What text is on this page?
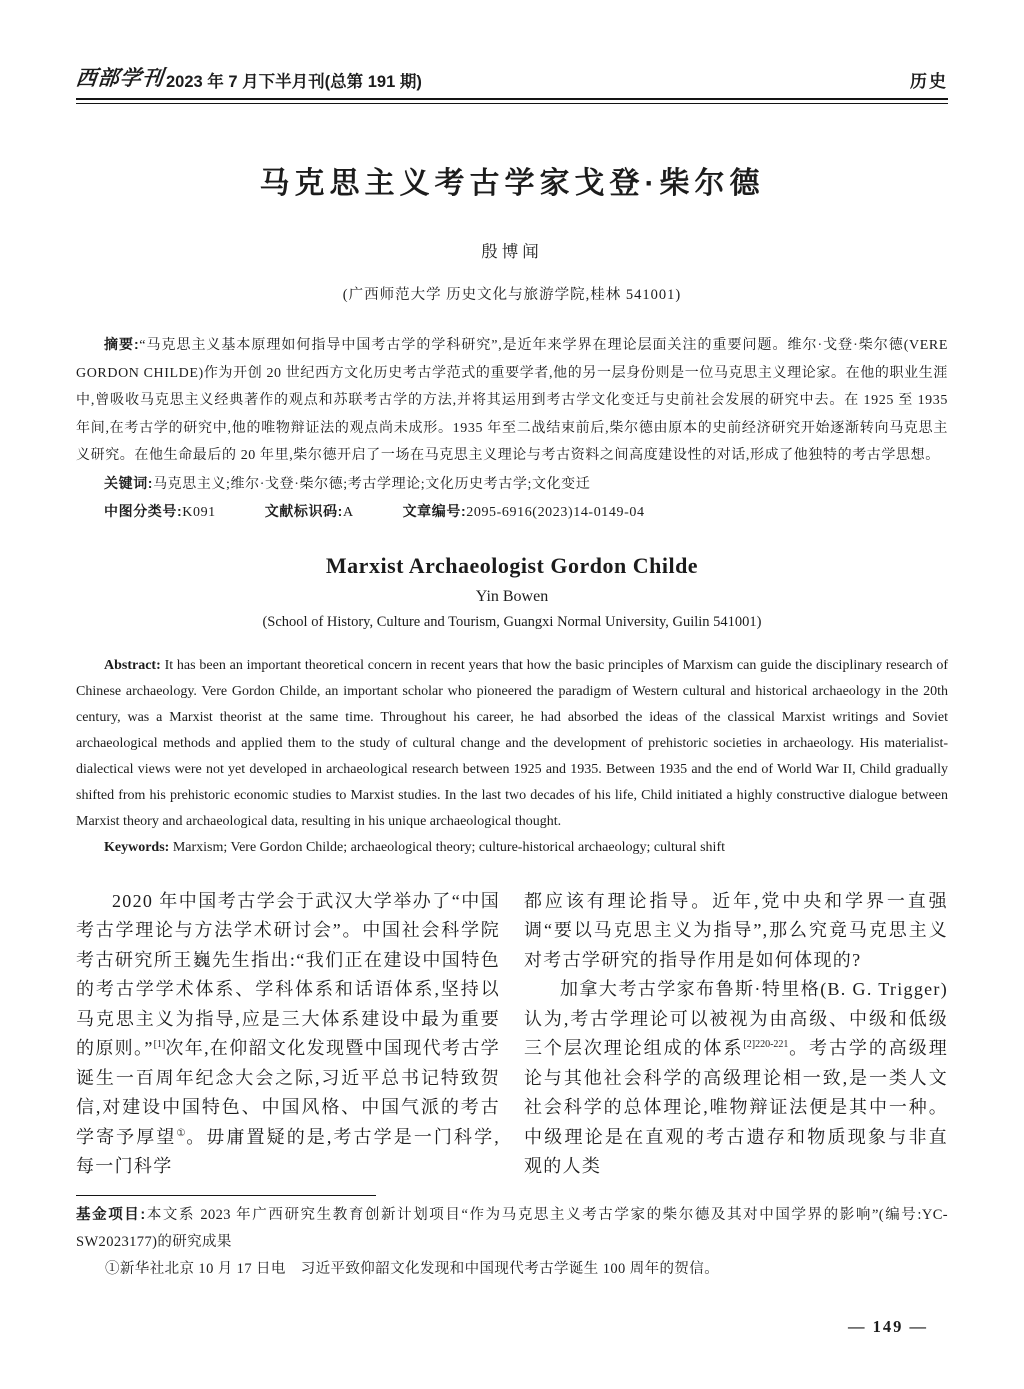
西部学刊 2023 年 7 月下半月刊(总第 191 期)	历史
马克思主义考古学家戈登·柴尔德
殷博闻
(广西师范大学 历史文化与旅游学院,桂林 541001)

摘要:“马克思主义基本原理如何指导中国考古学的学科研究”,是近年来学界在理论层面关注的重要问题。维尔·戈登·柴尔德(VERE GORDON CHILDE)作为开创 20 世纪西方文化历史考古学范式的重要学者,他的另一层身份则是一位马克思主义理论家。在他的职业生涯中,曾吸收马克思主义经典著作的观点和苏联考古学的方法,并将其运用到考古学文化变迁与史前社会发展的研究中去。在 1925 至 1935 年间,在考古学的研究中,他的唯物辩证法的观点尚未成形。1935 年至二战结束前后,柴尔德由原本的史前经济研究开始逐渐转向马克思主义研究。在他生命最后的 20 年里,柴尔德开启了一场在马克思主义理论与考古资料之间高度建设性的对话,形成了他独特的考古学思想。

关键词:马克思主义;维尔·戈登·柴尔德;考古学理论;文化历史考古学;文化变迁

中图分类号:K091	文献标识码:A	文章编号:2095-6916(2023)14-0149-04

Marxist Archaeologist Gordon Childe
Yin Bowen
(School of History, Culture and Tourism, Guangxi Normal University, Guilin 541001)

Abstract: It has been an important theoretical concern in recent years that how the basic principles of Marxism can guide the disciplinary research of Chinese archaeology. Vere Gordon Childe, an important scholar who pioneered the paradigm of Western cultural and historical archaeology in the 20th century, was a Marxist theorist at the same time. Throughout his career, he had absorbed the ideas of the classical Marxist writings and Soviet archaeological methods and applied them to the study of cultural change and the development of prehistoric societies in archaeology. His materialist-dialectical views were not yet developed in archaeological research between 1925 and 1935. Between 1935 and the end of World War II, Child gradually shifted from his prehistoric economic studies to Marxist studies. In the last two decades of his life, Child initiated a highly constructive dialogue between Marxist theory and archaeological data, resulting in his unique archaeological thought.

Keywords: Marxism; Vere Gordon Childe; archaeological theory; culture-historical archaeology; cultural shift

2020 年中国考古学会于武汉大学举办了“中国考古学理论与方法学术研讨会”。中国社会科学院考古研究所王巍先生指出:“我们正在建设中国特色的考古学学术体系、学科体系和话语体系,坚持以马克思主义为指导,应是三大体系建设中最为重要的原则。”[1]次年,在仰韶文化发现暨中国现代考古学诞生一百周年纪念大会之际,习近平总书记特致贺信,对建设中国特色、中国风格、中国气派的考古学寄予厚望①。毋庸置疑的是,考古学是一门科学,每一门科学

都应该有理论指导。近年,党中央和学界一直强调“要以马克思主义为指导”,那么究竟马克思主义对考古学研究的指导作用是如何体现的?

加拿大考古学家布鲁斯·特里格(B. G. Trigger)认为,考古学理论可以被视为由高级、中级和低级三个层次理论组成的体系$^{[2]220-221}$。考古学的高级理论与其他社会科学的高级理论相一致,是一类人文社会科学的总体理论,唯物辩证法便是其中一种。中级理论是在直观的考古遗存和物质现象与非直观的人类

基金项目:本文系 2023 年广西研究生教育创新计划项目“作为马克思主义考古学家的柴尔德及其对中国学界的影响”(编号:YC-SW2023177)的研究成果

①新华社北京 10 月 17 日电　习近平致仰韶文化发现和中国现代考古学诞生 100 周年的贺信。

— 149 —
